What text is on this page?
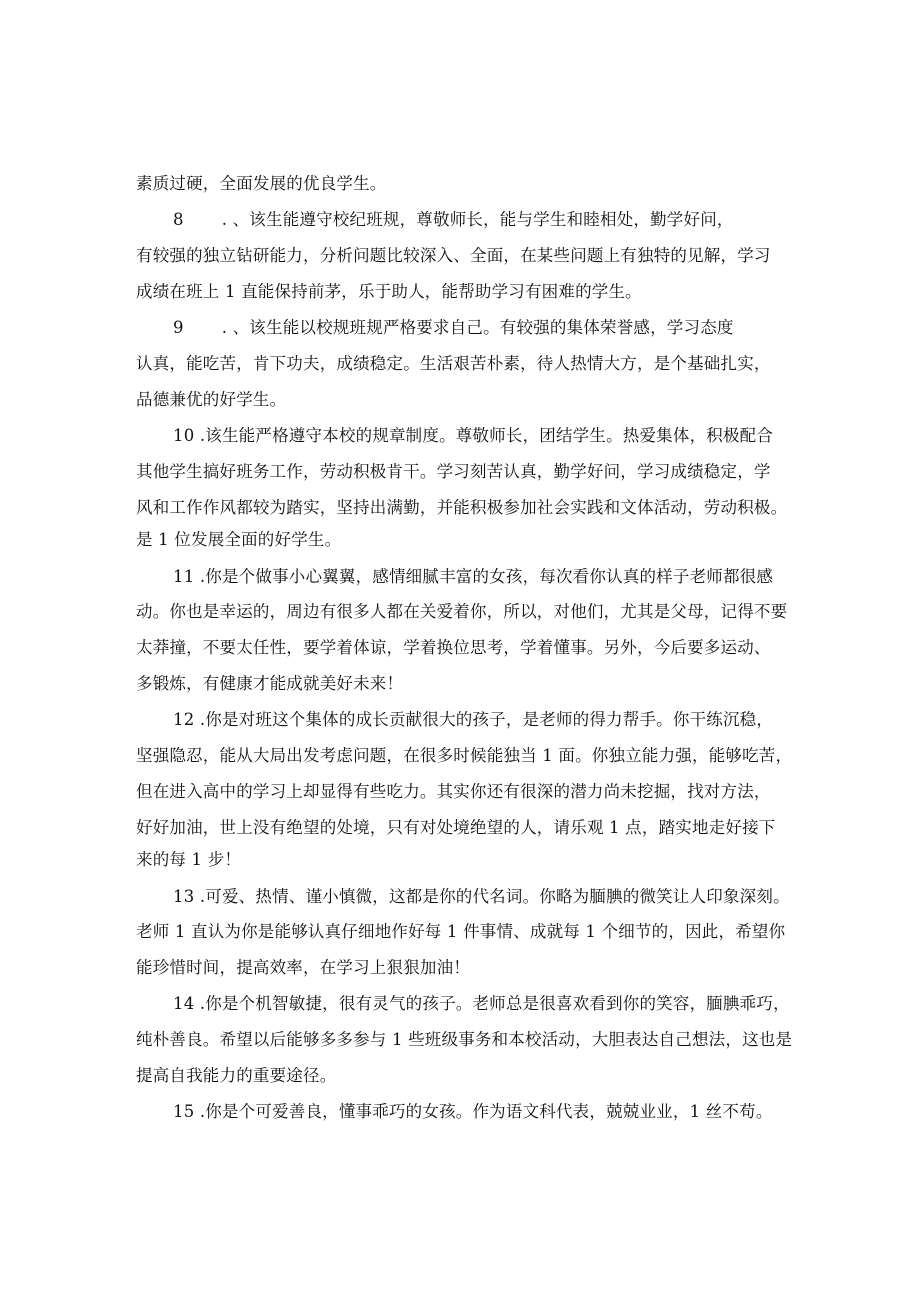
素质过硬，全面发展的优良学生。
8 . 、该生能遵守校纪班规，尊敬师长，能与学生和睦相处，勤学好问，
有较强的独立钻研能力，分析问题比较深入、全面，在某些问题上有独特的见解，学习
成绩在班上 1 直能保持前茅，乐于助人，能帮助学习有困难的学生。
9 . 、该生能以校规班规严格要求自己。有较强的集体荣誉感，学习态度
认真，能吃苦，肯下功夫，成绩稳定。生活艰苦朴素，待人热情大方，是个基础扎实，
品德兼优的好学生。
10 .该生能严格遵守本校的规章制度。尊敬师长，团结学生。热爱集体，积极配合
其他学生搞好班务工作，劳动积极肯干。学习刻苦认真，勤学好问，学习成绩稳定，学
风和工作作风都较为踏实，坚持出满勤，并能积极参加社会实践和文体活动，劳动积极。
是 1 位发展全面的好学生。
11 .你是个做事小心翼翼，感情细腻丰富的女孩，每次看你认真的样子老师都很感
动。你也是幸运的，周边有很多人都在关爱着你，所以，对他们，尤其是父母，记得不要
太莽撞，不要太任性，要学着体谅，学着换位思考，学着懂事。另外，今后要多运动、
多锻炼，有健康才能成就美好未来！
12 .你是对班这个集体的成长贡献很大的孩子，是老师的得力帮手。你干练沉稳，
坚强隐忍，能从大局出发考虑问题，在很多时候能独当 1 面。你独立能力强，能够吃苦，
但在进入高中的学习上却显得有些吃力。其实你还有很深的潜力尚未挖掘，找对方法，
好好加油，世上没有绝望的处境，只有对处境绝望的人，请乐观 1 点，踏实地走好接下
来的每 1 步！
13 .可爱、热情、谨小慎微，这都是你的代名词。你略为腼腆的微笑让人印象深刻。
老师 1 直认为你是能够认真仔细地作好每 1 件事情、成就每 1 个细节的，因此，希望你
能珍惜时间，提高效率，在学习上狠狠加油！
14 .你是个机智敏捷，很有灵气的孩子。老师总是很喜欢看到你的笑容，腼腆乖巧，
纯朴善良。希望以后能够多多参与 1 些班级事务和本校活动，大胆表达自己想法，这也是
提高自我能力的重要途径。
15 .你是个可爱善良，懂事乖巧的女孩。作为语文科代表，兢兢业业，1 丝不苟。
